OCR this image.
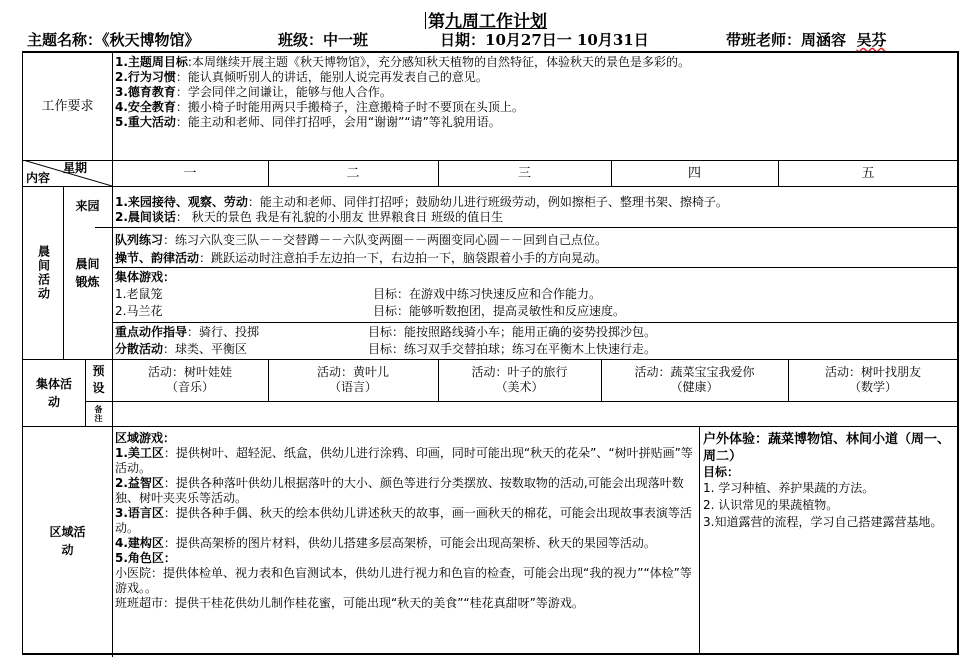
第九周工作计划
主题名称：《秋天博物馆》	班级：中一班	日期：10月27日一 10月31日	带班老师：周涵容 吴芬
工作要求
1.主题周目标:本周继续开展主题《秋天博物馆》，充分感知秋天植物的自然特征，体验秋天的景色是多彩的。
2.行为习惯：能认真倾听别人的讲话，能别人说完再发表自己的意见。
3.德育教育：学会同伴之间谦让，能够与他人合作。
4.安全教育：搬小椅子时能用两只手搬椅子，注意搬椅子时不要顶在头顶上。
5.重大活动：能主动和老师、同伴打招呼，会用“谢谢”“请”等礼貌用语。
星期
内容	一	二	三	四	五
晨间活动
来园	1.来园接待、观察、劳动：能主动和老师、同伴打招呼；鼓励幼儿进行班级劳动，例如擦柜子、整理书架、擦椅子。
2.晨间谈话： 秋天的景色 我是有礼貌的小朋友 世界粮食日 班级的值日生
晨间锻炼
队列练习：练习六队变三队－－交替蹲－－六队变两圈－－两圈变同心圆－－回到自己点位。
操节、韵律活动：跳跃运动时注意拍手左边拍一下，右边拍一下，脑袋跟着小手的方向晃动。
集体游戏：
1.老鼠笼	目标：在游戏中练习快速反应和合作能力。
2.马兰花	目标：能够听数抱团，提高灵敏性和反应速度。
重点动作指导：骑行、投掷	目标：能按照路线骑小车；能用正确的姿势投掷沙包。
分散活动：球类、平衡区	目标：练习双手交替拍球；练习在平衡木上快速行走。
集体活动
预设
备注
活动：树叶娃娃
（音乐）
活动：黄叶儿
（语言）
活动：叶子的旅行
（美术）
活动：蔬菜宝宝我爱你
（健康）
活动：树叶找朋友
（数学）
区域活动
区域游戏：
1.美工区：提供树叶、超轻泥、纸盒，供幼儿进行涂鸦、印画，同时可能出现“秋天的花朵”、“树叶拼贴画”等活动。
2.益智区：提供各种落叶供幼儿根据落叶的大小、颜色等进行分类摆放、按数取物的活动,可能会出现落叶数独、树叶夹夹乐等活动。
3.语言区：提供各种手偶、秋天的绘本供幼儿讲述秋天的故事，画一画秋天的棉花，可能会出现故事表演等活动。
4.建构区：提供高架桥的图片材料，供幼儿搭建多层高架桥，可能会出现高架桥、秋天的果园等活动。
5.角色区：
小医院：提供体检单、视力表和色盲测试本，供幼儿进行视力和色盲的检查，可能会出现“我的视力”“体检”等游戏。。
班班超市：提供干桂花供幼儿制作桂花蜜，可能出现“秋天的美食”“桂花真甜呀”等游戏。
户外体验：蔬菜博物馆、林间小道（周一、周二）
目标：
1. 学习种植、养护果蔬的方法。
2. 认识常见的果蔬植物。
3.知道露营的流程，学习自己搭建露营基地。
